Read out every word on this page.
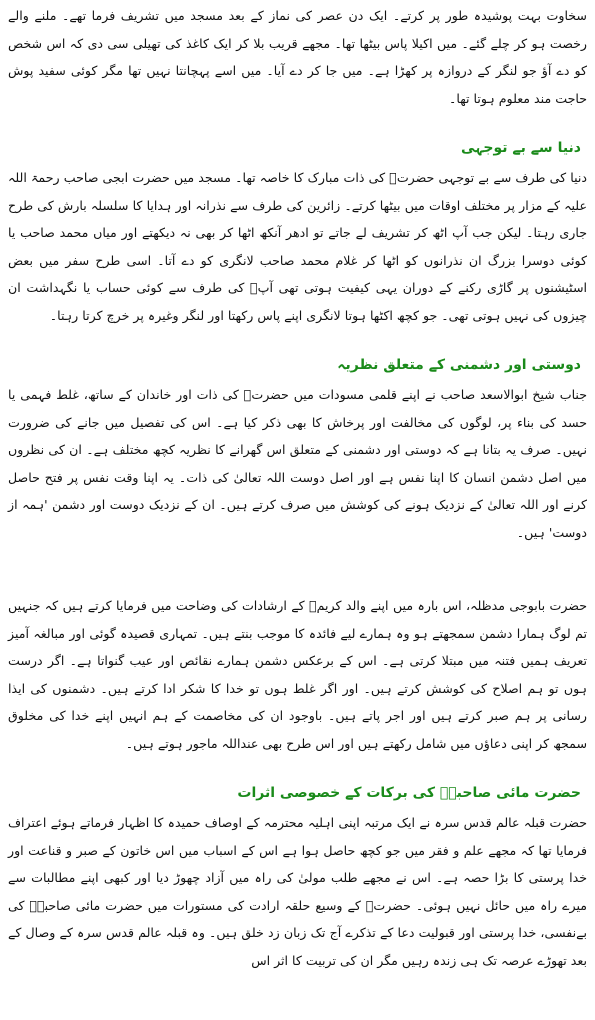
سخاوت بہت پوشیدہ طور پر کرتے۔ ایک دن عصر کی نماز کے بعد مسجد میں تشریف فرما تھے۔ ملنے والے رخصت ہو کر چلے گئے۔ میں اکیلا پاس بیٹھا تھا۔ مجھے قریب بلا کر ایک کاغذ کی تھیلی سی دی کہ اس شخص کو دے آؤ جو لنگر کے دروازہ پر کھڑا ہے۔ میں جا کر دے آیا۔ میں اسے پہچانتا نہیں تھا مگر کوئی سفید پوش حاجت مند معلوم ہوتا تھا۔

دنیا سے بے توجہی

دنیا کی طرف سے بے توجہی حضرتؒ کی ذات مبارک کا خاصہ تھا۔ مسجد میں حضرت ابجی صاحب رحمۃ اللہ علیہ کے مزار پر مختلف اوقات میں بیٹھا کرتے۔ زائرین کی طرف سے نذرانہ اور ہدایا کا سلسلہ بارش کی طرح جاری رہتا۔ لیکن جب آپ اٹھ کر تشریف لے جاتے تو ادھر آنکھ اٹھا کر بھی نہ دیکھتے اور میاں محمد صاحب یا کوئی دوسرا بزرگ ان نذرانوں کو اٹھا کر غلام محمد صاحب لانگری کو دے آتا۔ اسی طرح سفر میں بعض اسٹیشنوں پر گاڑی رکنے کے دوران یہی کیفیت ہوتی تھی آپؒ کی طرف سے کوئی حساب یا نگہداشت ان چیزوں کی نہیں ہوتی تھی۔ جو کچھ اکٹھا ہوتا لانگری اپنے پاس رکھتا اور لنگر وغیرہ پر خرچ کرتا رہتا۔

دوستی اور دشمنی کے متعلق نظریہ

جناب شیخ ابوالاسعد صاحب نے اپنے قلمی مسودات میں حضرتؒ کی ذات اور خاندان کے ساتھ، غلط فہمی یا حسد کی بناء پر، لوگوں کی مخالفت اور پرخاش کا بھی ذکر کیا ہے۔ اس کی تفصیل میں جانے کی ضرورت نہیں۔ صرف یہ بتانا ہے کہ دوستی اور دشمنی کے متعلق اس گھرانے کا نظریہ کچھ مختلف ہے۔ ان کی نظروں میں اصل دشمن انسان کا اپنا نفس ہے اور اصل دوست اللہ تعالیٰ کی ذات۔ یہ اپنا وقت نفس پر فتح حاصل کرنے اور اللہ تعالیٰ کے نزدیک ہونے کی کوشش میں صرف کرتے ہیں۔ ان کے نزدیک دوست اور دشمن 'ہمہ از دوست' ہیں۔

حضرت بابوجی مدظلہ، اس بارہ میں اپنے والد کریمؒ کے ارشادات کی وضاحت میں فرمایا کرتے ہیں کہ جنہیں تم لوگ ہمارا دشمن سمجھتے ہو وہ ہمارے لیے فائدہ کا موجب بنتے ہیں۔ تمہاری قصیدہ گوئی اور مبالغہ آمیز تعریف ہمیں فتنہ میں مبتلا کرتی ہے۔ اس کے برعکس دشمن ہمارے نقائص اور عیب گنواتا ہے۔ اگر درست ہوں تو ہم اصلاح کی کوشش کرتے ہیں۔ اور اگر غلط ہوں تو خدا کا شکر ادا کرتے ہیں۔ دشمنوں کی ایذا رسانی پر ہم صبر کرتے ہیں اور اجر پاتے ہیں۔ باوجود ان کی مخاصمت کے ہم انہیں اپنے خدا کی مخلوق سمجھ کر اپنی دعاؤں میں شامل رکھتے ہیں اور اس طرح بھی عنداللہ ماجور ہوتے ہیں۔

حضرت مائی صاحبہؒ کی برکات کے خصوصی اثرات

حضرت قبلہ عالم قدس سرہ نے ایک مرتبہ اپنی اہلیہ محترمہ کے اوصاف حمیدہ کا اظہار فرماتے ہوئے اعتراف فرمایا تھا کہ مجھے علم و فقر میں جو کچھ حاصل ہوا ہے اس کے اسباب میں اس خاتون کے صبر و قناعت اور خدا پرستی کا بڑا حصہ ہے۔ اس نے مجھے طلب مولیٰ کی راہ میں آزاد چھوڑ دیا اور کبھی اپنے مطالبات سے میرے راہ میں حائل نہیں ہوئی۔ حضرتؒ کے وسیع حلقہ ارادت کی مستورات میں حضرت مائی صاحبہؒ کی بےنفسی، خدا پرستی اور قبولیت دعا کے تذکرے آج تک زبان زد خلق ہیں۔ وہ قبلہ عالم قدس سرہ کے وصال کے بعد تھوڑے عرصہ تک ہی زندہ رہیں مگر ان کی تربیت کا اثر اس
